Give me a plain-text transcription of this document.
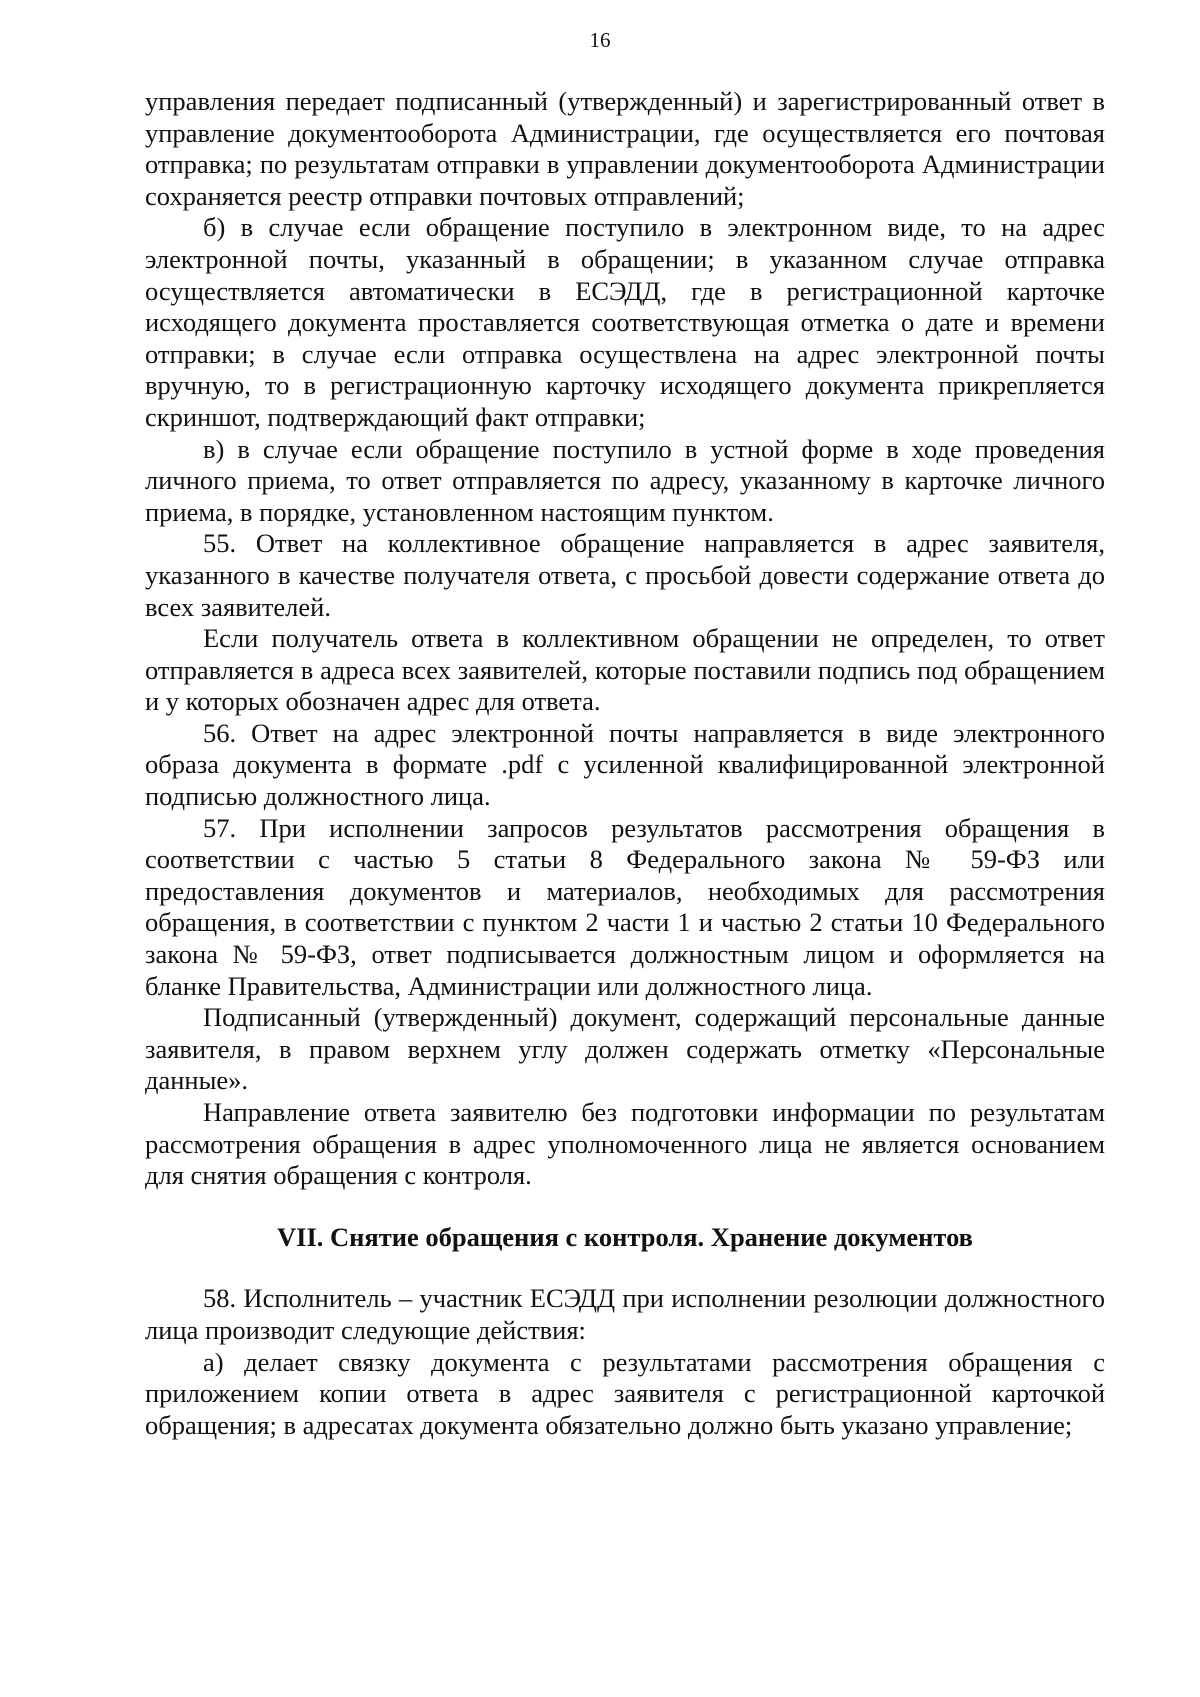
16

управления передает подписанный (утвержденный) и зарегистрированный ответ в управление документооборота Администрации, где осуществляется его почтовая отправка; по результатам отправки в управлении документооборота Администрации сохраняется реестр отправки почтовых отправлений;

б) в случае если обращение поступило в электронном виде, то на адрес электронной почты, указанный в обращении; в указанном случае отправка осуществляется автоматически в ЕСЭДД, где в регистрационной карточке исходящего документа проставляется соответствующая отметка о дате и времени отправки; в случае если отправка осуществлена на адрес электронной почты вручную, то в регистрационную карточку исходящего документа прикрепляется скриншот, подтверждающий факт отправки;

в) в случае если обращение поступило в устной форме в ходе проведения личного приема, то ответ отправляется по адресу, указанному в карточке личного приема, в порядке, установленном настоящим пунктом.

55. Ответ на коллективное обращение направляется в адрес заявителя, указанного в качестве получателя ответа, с просьбой довести содержание ответа до всех заявителей.

Если получатель ответа в коллективном обращении не определен, то ответ отправляется в адреса всех заявителей, которые поставили подпись под обращением и у которых обозначен адрес для ответа.

56. Ответ на адрес электронной почты направляется в виде электронного образа документа в формате .pdf с усиленной квалифицированной электронной подписью должностного лица.

57. При исполнении запросов результатов рассмотрения обращения в соответствии с частью 5 статьи 8 Федерального закона № 59-ФЗ или предоставления документов и материалов, необходимых для рассмотрения обращения, в соответствии с пунктом 2 части 1 и частью 2 статьи 10 Федерального закона № 59-ФЗ, ответ подписывается должностным лицом и оформляется на бланке Правительства, Администрации или должностного лица.

Подписанный (утвержденный) документ, содержащий персональные данные заявителя, в правом верхнем углу должен содержать отметку «Персональные данные».

Направление ответа заявителю без подготовки информации по результатам рассмотрения обращения в адрес уполномоченного лица не является основанием для снятия обращения с контроля.

VII. Снятие обращения с контроля. Хранение документов

58. Исполнитель – участник ЕСЭДД при исполнении резолюции должностного лица производит следующие действия:

а) делает связку документа с результатами рассмотрения обращения с приложением копии ответа в адрес заявителя с регистрационной карточкой обращения; в адресатах документа обязательно должно быть указано управление;
